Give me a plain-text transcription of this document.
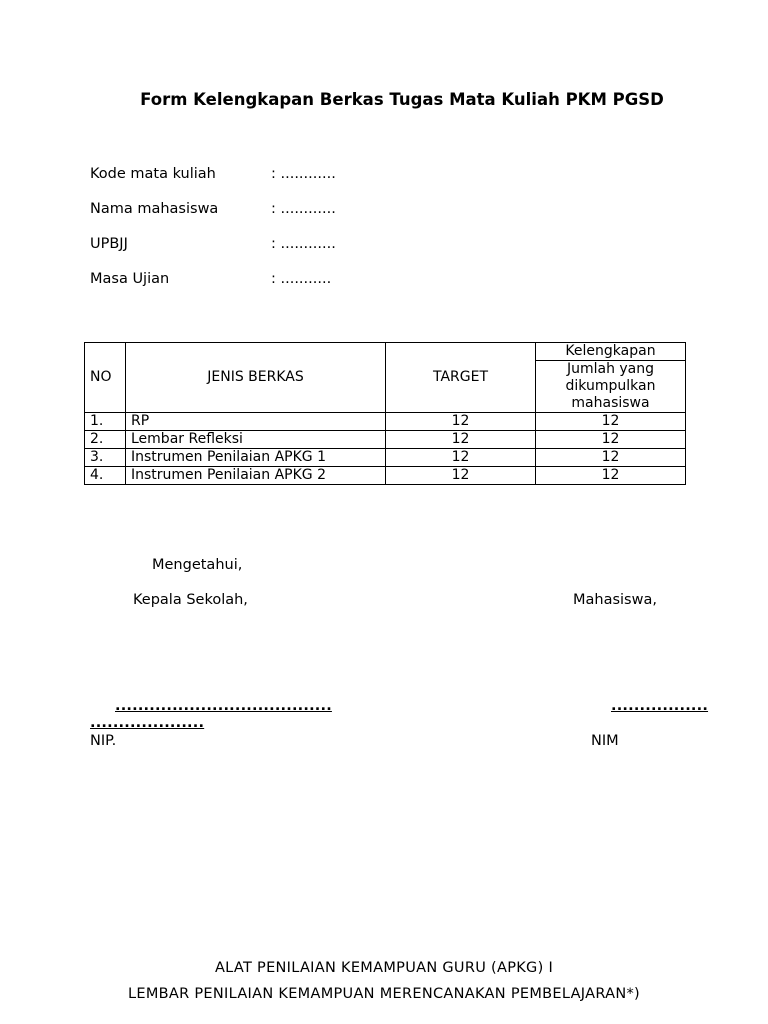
Form Kelengkapan Berkas Tugas Mata Kuliah PKM PGSD
Kode mata kuliah	: ............
Nama mahasiswa	: ............
UPBJJ	: ............
Masa Ujian	: ...........
NO	JENIS BERKAS	TARGET	Kelengkapan
			Jumlah yang dikumpulkan mahasiswa
1.	RP	12	12
2.	Lembar Refleksi	12	12
3.	Instrumen Penilaian APKG 1	12	12
4.	Instrumen Penilaian APKG 2	12	12
Mengetahui,
Kepala Sekolah,	Mahasiswa,
......................................	.................
....................
NIP.	NIM
ALAT PENILAIAN KEMAMPUAN GURU (APKG) I
LEMBAR PENILAIAN KEMAMPUAN MERENCANAKAN PEMBELAJARAN*)
